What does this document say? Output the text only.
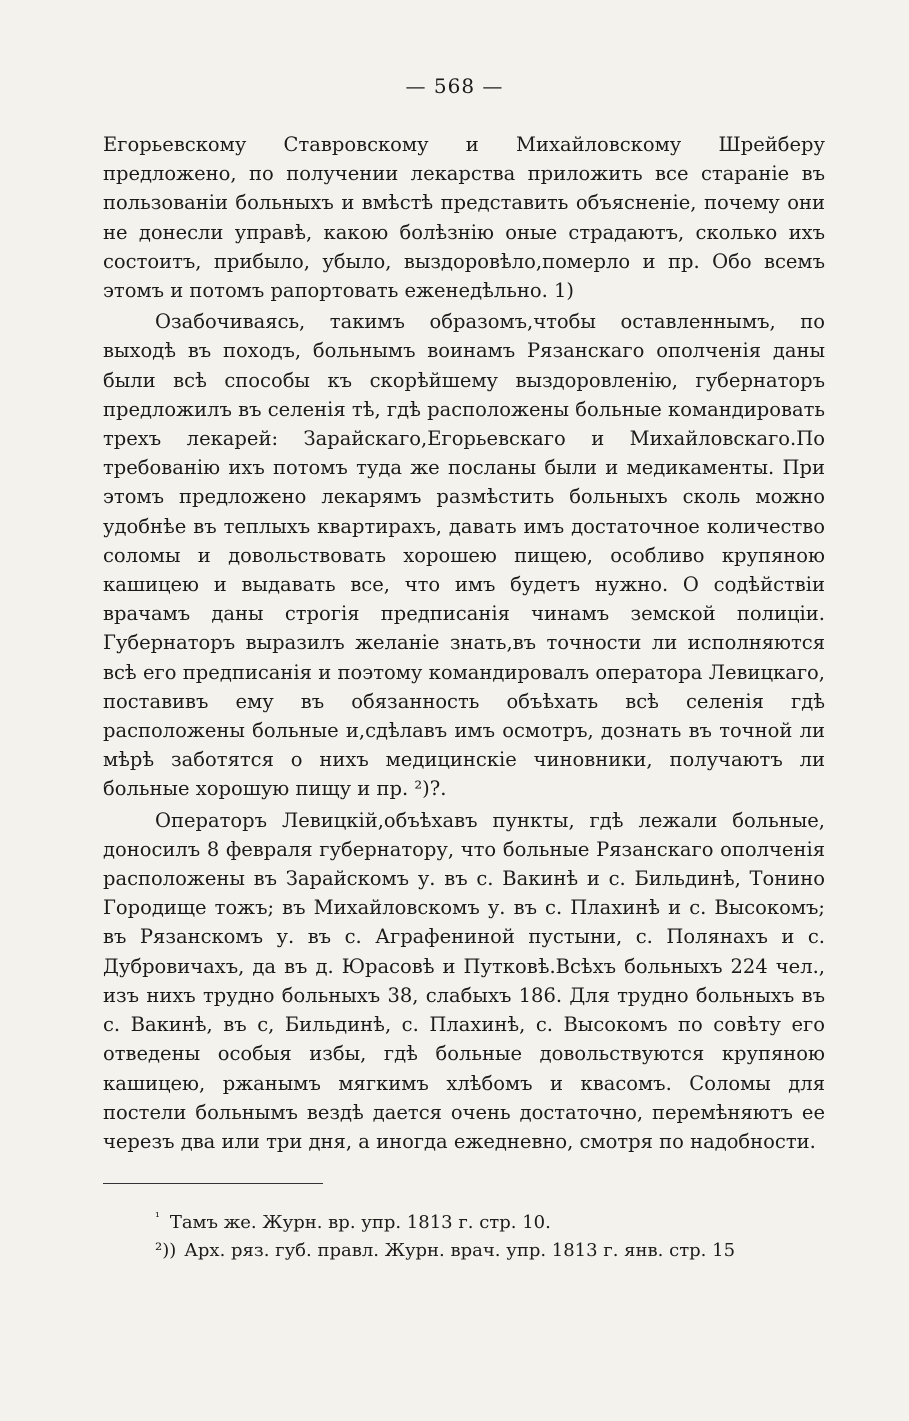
— 568 —

Егорьевскому Ставровскому и Михайловскому Шрейберу предложено, по получении лекарства приложить все стараніе въ пользованіи больныхъ и вмѣстѣ представить объясненіе, почему они не донесли управѣ, какою болѣзнію оные страдаютъ, сколько ихъ состоитъ, прибыло, убыло, выздоровѣло,померло и пр. Обо всемъ этомъ и потомъ рапортовать еженедѣльно. 1)

Озабочиваясь, такимъ образомъ,чтобы оставленнымъ, по выходѣ въ походъ, больнымъ воинамъ Рязанскаго ополченія даны были всѣ способы къ скорѣйшему выздоровленію, губернаторъ предложилъ въ селенія тѣ, гдѣ расположены больные командировать трехъ лекарей: Зарайскаго,Егорьевскаго и Михайловскаго.По требованію ихъ потомъ туда же посланы были и медикаменты. При этомъ предложено лекарямъ размѣстить больныхъ сколь можно удобнѣе въ теплыхъ квартирахъ, давать имъ достаточное количество соломы и довольствовать хорошею пищею, особливо крупяною кашицею и выдавать все, что имъ будетъ нужно. О содѣйствіи врачамъ даны строгія предписанія чинамъ земской полиціи. Губернаторъ выразилъ желаніе знать,въ точности ли исполняются всѣ его предписанія и поэтому командировалъ оператора Левицкаго, поставивъ ему въ обязанность объѣхать всѣ селенія гдѣ расположены больные и,сдѣлавъ имъ осмотръ, дознать въ точной ли мѣрѣ заботятся о нихъ медицинскіе чиновники, получаютъ ли больные хорошую пищу и пр. ²)?.

Операторъ Левицкій,объѣхавъ пункты, гдѣ лежали больные, доносилъ 8 февраля губернатору, что больные Рязанскаго ополченія расположены въ Зарайскомъ у. въ с. Вакинѣ и с. Бильдинѣ, Тонино Городище тожъ; въ Михайловскомъ у. въ с. Плахинѣ и с. Высокомъ; въ Рязанскомъ у. въ с. Аграфениной пустыни, с. Полянахъ и с. Дубровичахъ, да въ д. Юрасовѣ и Путковѣ.Всѣхъ больныхъ 224 чел., изъ нихъ трудно больныхъ 38, слабыхъ 186. Для трудно больныхъ въ с. Вакинѣ, въ с, Бильдинѣ, с. Плахинѣ, с. Высокомъ по совѣту его отведены особыя избы, гдѣ больные довольствуются крупяною кашицею, ржанымъ мягкимъ хлѣбомъ и квасомъ. Соломы для постели больнымъ вездѣ дается очень достаточно, перемѣняютъ ее черезъ два или три дня, а иногда ежедневно, смотря по надобности.

$^{^1}$ Тамъ же. Журн. вр. упр. 1813 г. стр. 10.

²)) Арх. ряз. губ. правл. Журн. врач. упр. 1813 г. янв. стр. 15
